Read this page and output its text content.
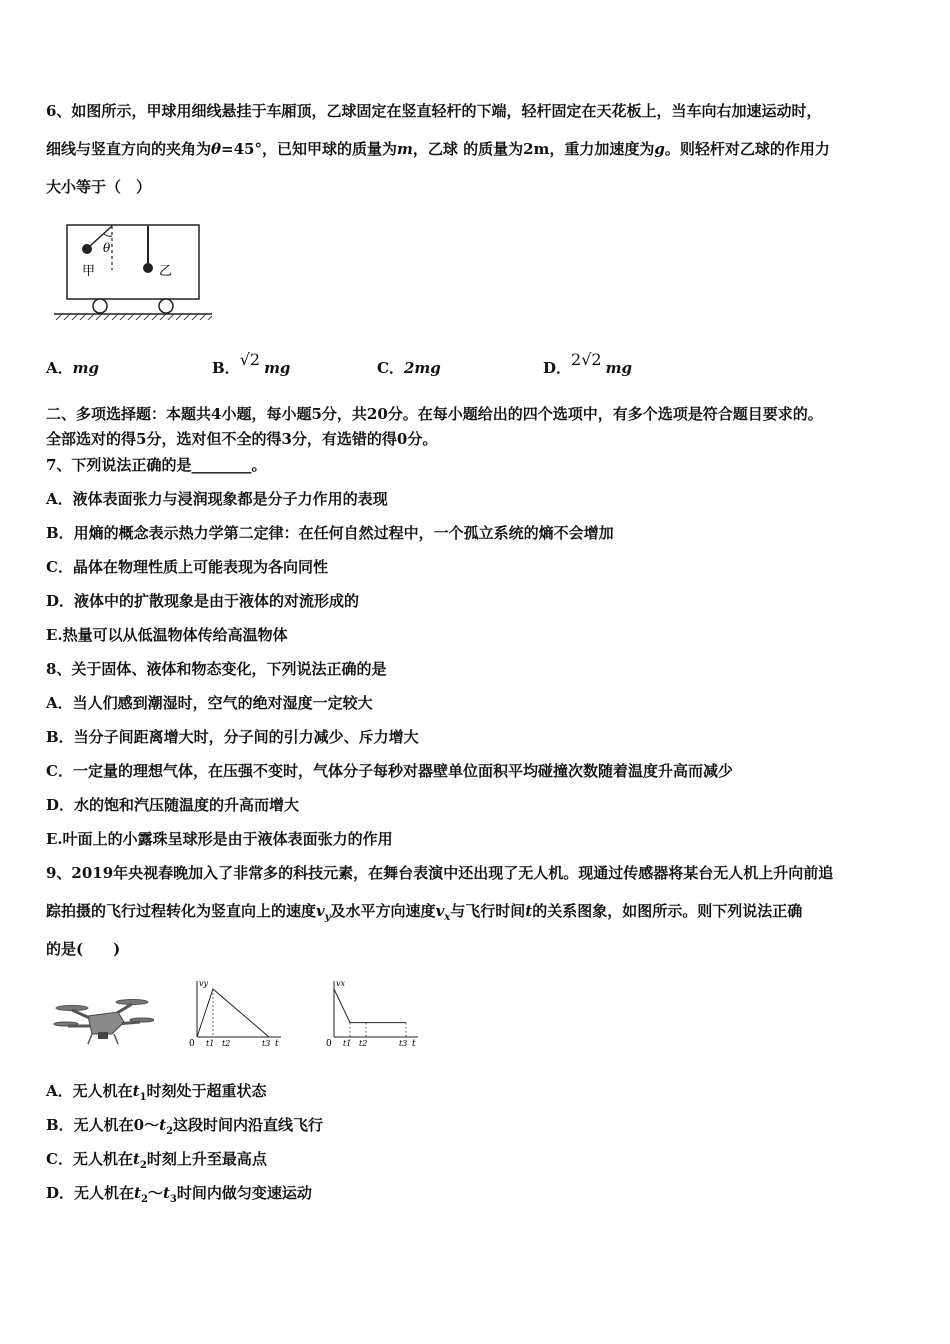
6、如图所示，甲球用细线悬挂于车厢顶，乙球固定在竖直轻杆的下端，轻杆固定在天花板上，当车向右加速运动时，
细线与竖直方向的夹角为θ=45°，已知甲球的质量为m，乙球 的质量为2m，重力加速度为g。则轻杆对乙球的作用力
大小等于（　）
θ
甲	乙
A．mg	B．√2 mg	C．2mg	D．2√2 mg
二、多项选择题：本题共4小题，每小题5分，共20分。在每小题给出的四个选项中，有多个选项是符合题目要求的。
全部选对的得5分，选对但不全的得3分，有选错的得0分。
7、下列说法正确的是________。
A．液体表面张力与浸润现象都是分子力作用的表现
B．用熵的概念表示热力学第二定律：在任何自然过程中，一个孤立系统的熵不会增加
C．晶体在物理性质上可能表现为各向同性
D．液体中的扩散现象是由于液体的对流形成的
E.热量可以从低温物体传给高温物体
8、关于固体、液体和物态变化，下列说法正确的是
A．当人们感到潮湿时，空气的绝对湿度一定较大
B．当分子间距离增大时，分子间的引力减少、斥力增大
C．一定量的理想气体，在压强不变时，气体分子每秒对器壁单位面积平均碰撞次数随着温度升高而减少
D．水的饱和汽压随温度的升高而增大
E.叶面上的小露珠呈球形是由于液体表面张力的作用
9、2019年央视春晚加入了非常多的科技元素，在舞台表演中还出现了无人机。现通过传感器将某台无人机上升向前追
踪拍摄的飞行过程转化为竖直向上的速度$v_y$及水平方向速度$v_x$与飞行时间t的关系图象，如图所示。则下列说法正确
的是(　　)
vy
t
0 t1 t2	t3
vx
t
0 t1 t2	t3
A．无人机在$t_1$时刻处于超重状态
B．无人机在$0\sim t_2$这段时间内沿直线飞行
C．无人机在$t_2$时刻上升至最高点
D．无人机在$t_2\sim t_3$时间内做匀变速运动
